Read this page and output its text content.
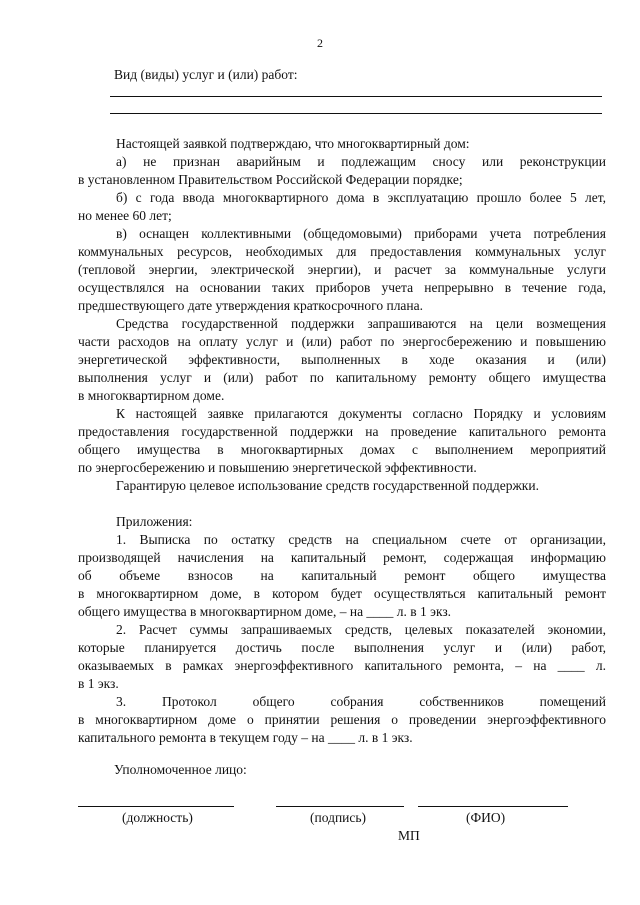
2
Вид (виды) услуг и (или) работ:
Настоящей заявкой подтверждаю, что многоквартирный дом:
а) не признан аварийным и подлежащим сносу или реконструкции
в установленном Правительством Российской Федерации порядке;
б) с года ввода многоквартирного дома в эксплуатацию прошло более 5 лет,
но менее 60 лет;
в) оснащен коллективными (общедомовыми) приборами учета потребления
коммунальных ресурсов, необходимых для предоставления коммунальных услуг
(тепловой энергии, электрической энергии), и расчет за коммунальные услуги
осуществлялся на основании таких приборов учета непрерывно в течение года,
предшествующего дате утверждения краткосрочного плана.
Средства государственной поддержки запрашиваются на цели возмещения
части расходов на оплату услуг и (или) работ по энергосбережению и повышению
энергетической эффективности, выполненных в ходе оказания и (или)
выполнения услуг и (или) работ по капитальному ремонту общего имущества
в многоквартирном доме.
К настоящей заявке прилагаются документы согласно Порядку и условиям
предоставления государственной поддержки на проведение капитального ремонта
общего имущества в многоквартирных домах с выполнением мероприятий
по энергосбережению и повышению энергетической эффективности.
Гарантирую целевое использование средств государственной поддержки.
Приложения:
1. Выписка по остатку средств на специальном счете от организации,
производящей начисления на капитальный ремонт, содержащая информацию
об объеме взносов на капитальный ремонт общего имущества
в многоквартирном доме, в котором будет осуществляться капитальный ремонт
общего имущества в многоквартирном доме, – на ____ л. в 1 экз.
2. Расчет суммы запрашиваемых средств, целевых показателей экономии,
которые планируется достичь после выполнения услуг и (или) работ,
оказываемых в рамках энергоэффективного капитального ремонта, – на ____ л.
в 1 экз.
3. Протокол общего собрания собственников помещений
в многоквартирном доме о принятии решения о проведении энергоэффективного
капитального ремонта в текущем году – на ____ л. в 1 экз.
Уполномоченное лицо:
(должность)	(подпись)	(ФИО)
МП
